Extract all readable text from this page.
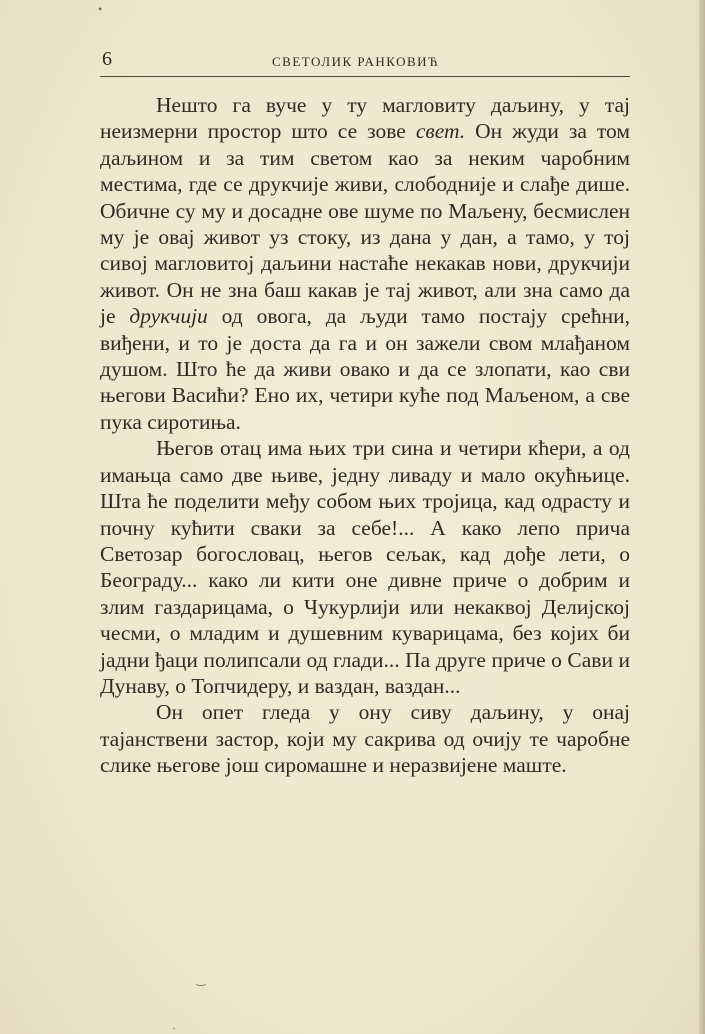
6	СВЕТОЛИК РАНКОВИЋ

Нешто га вуче у ту магловиту даљину, у тај неизмерни простор што се зове свет. Он жуди за том даљином и за тим светом као за неким чаробним местима, где се друкчије живи, слободније и слађе дише. Обичне су му и досадне ове шуме по Маљену, бесмислен му је овај живот уз стоку, из дана у дан, а тамо, у тој сивој магловитој даљини настаће некакав нови, друкчији живот. Он не зна баш какав је тај живот, али зна само да је друкчији од овога, да људи тамо постају срећни, виђени, и то је доста да га и он зажели свом млађаном душом. Што ће да живи овако и да се злопати, као сви његови Васићи? Ено их, четири куће под Маљеном, а све пука сиротиња.

Његов отац има њих три сина и четири кћери, а од имањца само две њиве, једну ливаду и мало окућњице. Шта ће поделити међу собом њих тројица, кад одрасту и почну кућити сваки за себе!... А како лепо прича Светозар богословац, његов сељак, кад дође лети, о Београду... како ли кити оне дивне приче о добрим и злим газдарицама, о Чукурлији или некаквој Делијској чесми, о младим и душевним куварицама, без којих би јадни ђаци полипсали од глади... Па друге приче о Сави и Дунаву, о Топчидеру, и ваздан, ваздан...

Он опет гледа у ону сиву даљину, у онај тајанствени застор, који му сакрива од очију те чаробне слике његове још сиромашне и неразвијене маште.

•
‿
ˎ
